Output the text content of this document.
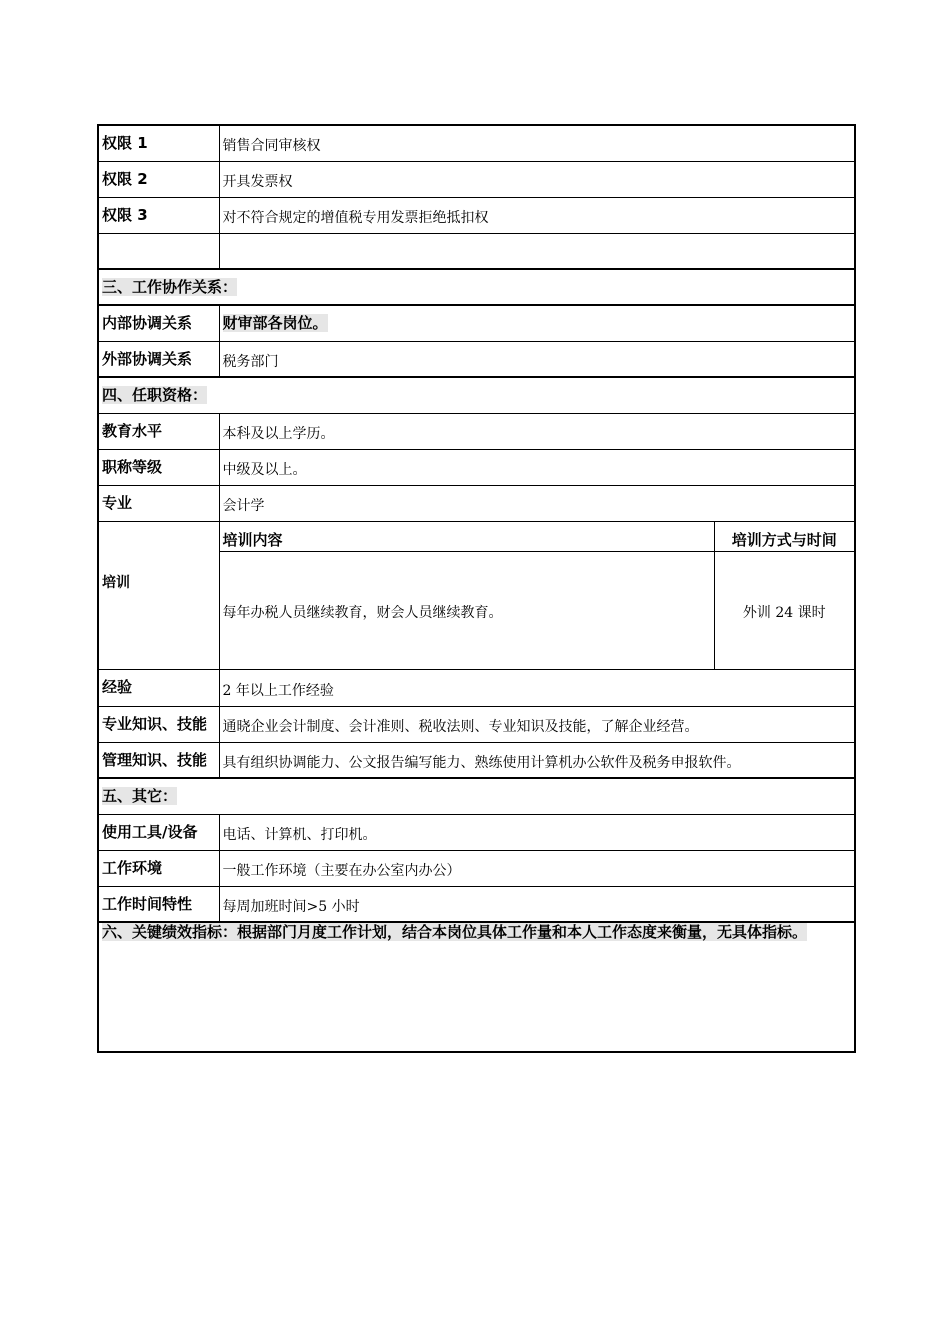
权限 1	销售合同审核权	
权限 2	开具发票权	
权限 3	对不符合规定的增值税专用发票拒绝抵扣权	

三、工作协作关系：		
内部协调关系	财审部各岗位。	
外部协调关系	税务部门	
四、任职资格：		
教育水平	本科及以上学历。	
职称等级	中级及以上。	
专业	会计学	
培训	培训内容	培训方式与时间
	每年办税人员继续教育，财会人员继续教育。	外训 24 课时
经验	2 年以上工作经验	
专业知识、技能	通晓企业会计制度、会计准则、税收法则、专业知识及技能，了解企业经营。	
管理知识、技能	具有组织协调能力、公文报告编写能力、熟练使用计算机办公软件及税务申报软件。	
五、其它：		
使用工具/设备	电话、计算机、打印机。	
工作环境	一般工作环境（主要在办公室内办公）	
工作时间特性	每周加班时间>5 小时	
六、关键绩效指标：根据部门月度工作计划，结合本岗位具体工作量和本人工作态度来衡量，无具体指标。		
